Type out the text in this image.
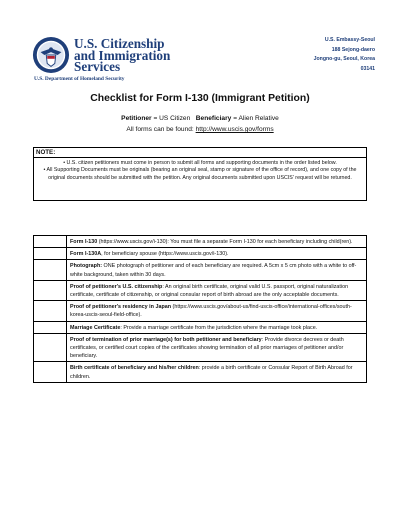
U.S. Citizenship
and Immigration
Services
U.S. Department of Homeland Security
U.S. Embassy-Seoul
188 Sejong-daero
Jongno-gu, Seoul, Korea
03141
Checklist for Form I-130 (Immigrant Petition)
Petitioner = US Citizen Beneficiary = Alien Relative
All forms can be found: http://www.uscis.gov/forms
NOTE:
• U.S. citizen petitioners must come in person to submit all forms and supporting documents in the order listed below.
• All Supporting Documents must be originals (bearing an original seal, stamp or signature of the office of record), and one copy of the original documents should be submitted with the petition. Any original documents submitted upon USCIS' request will be returned.
	Form I-130 (https://www.uscis.gov/i-130): You must file a separate Form I-130 for each beneficiary including child(ren).
	Form I-130A, for beneficiary spouse (https://www.uscis.gov/i-130).
	Photograph: ONE photograph of petitioner and of each beneficiary are required. A 5cm x 5 cm photo with a white to off-white background, taken within 30 days.
	Proof of petitioner's U.S. citizenship: An original birth certificate, original valid U.S. passport, original naturalization certificate, certificate of citizenship, or original consular report of birth abroad are the only acceptable documents.
	Proof of petitioner's residency in Japan (https://www.uscis.gov/about-us/find-uscis-office/international-offices/south-korea-uscis-seoul-field-office).
	Marriage Certificate: Provide a marriage certificate from the jurisdiction where the marriage took place.
	Proof of termination of prior marriage(s) for both petitioner and beneficiary: Provide divorce decrees or death certificates, or certified court copies of the certificates showing termination of all prior marriages of petitioner and/or beneficiary.
	Birth certificate of beneficiary and his/her children: provide a birth certificate or Consular Report of Birth Abroad for children.
